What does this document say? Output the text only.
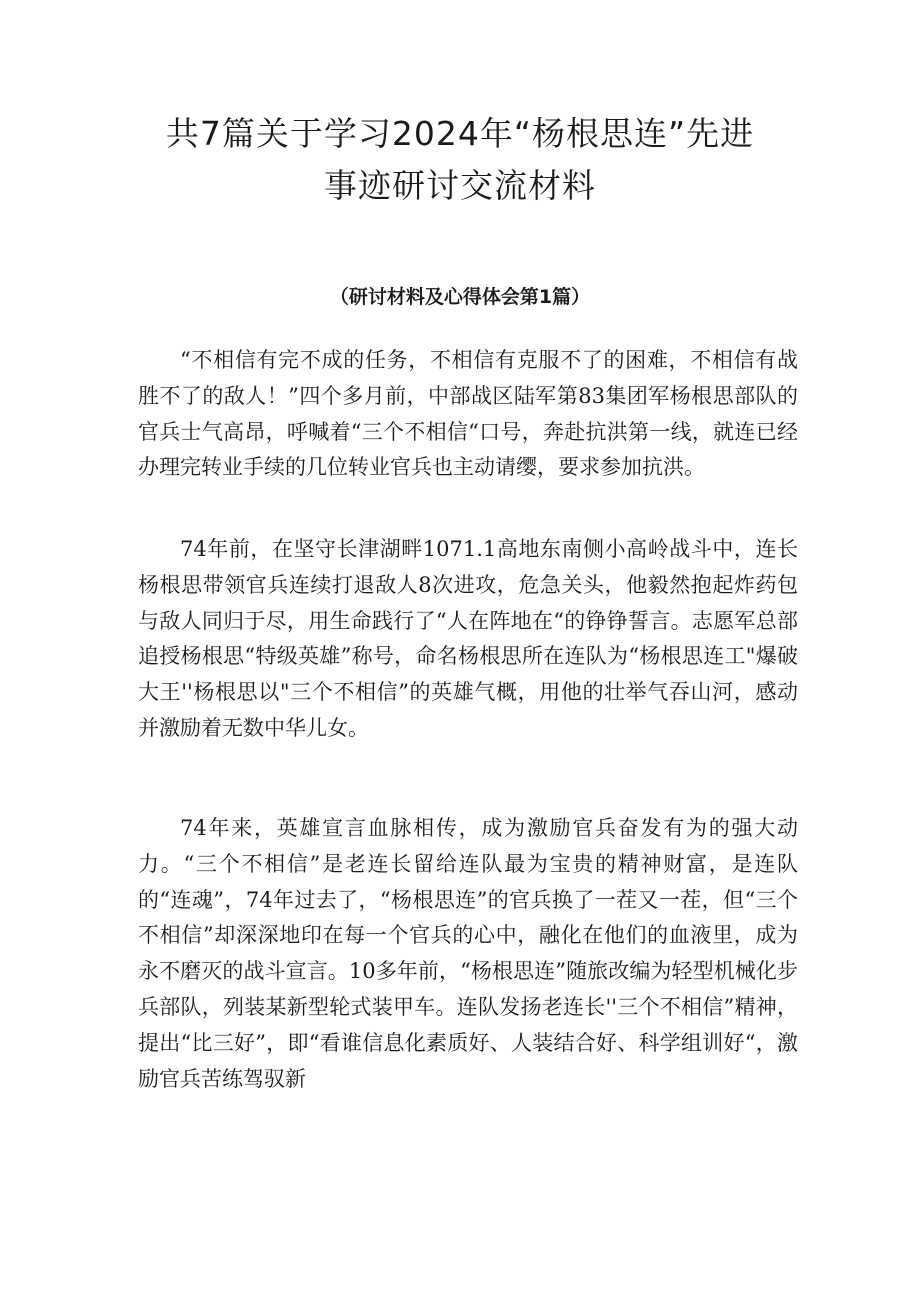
共7篇关于学习2024年“杨根思连”先进
事迹研讨交流材料
（研讨材料及心得体会第1篇）

“不相信有完不成的任务，不相信有克服不了的困难，不相信有战胜不了的敌人！”四个多月前，中部战区陆军第83集团军杨根思部队的官兵士气高昂，呼喊着“三个不相信“口号，奔赴抗洪第一线，就连已经办理完转业手续的几位转业官兵也主动请缨，要求参加抗洪。

74年前，在坚守长津湖畔1071.1高地东南侧小高岭战斗中，连长杨根思带领官兵连续打退敌人8次进攻，危急关头，他毅然抱起炸药包与敌人同归于尽，用生命践行了“人在阵地在“的铮铮誓言。志愿军总部追授杨根思“特级英雄”称号，命名杨根思所在连队为“杨根思连工"爆破大王''杨根思以"三个不相信”的英雄气概，用他的壮举气吞山河，感动并激励着无数中华儿女。

74年来，英雄宣言血脉相传，成为激励官兵奋发有为的强大动力。“三个不相信”是老连长留给连队最为宝贵的精神财富，是连队的“连魂”，74年过去了，“杨根思连”的官兵换了一茬又一茬，但“三个不相信”却深深地印在每一个官兵的心中，融化在他们的血液里，成为永不磨灭的战斗宣言。10多年前，“杨根思连”随旅改编为轻型机械化步兵部队，列装某新型轮式装甲车。连队发扬老连长''三个不相信”精神，提出“比三好”，即“看谁信息化素质好、人装结合好、科学组训好“，激励官兵苦练驾驭新
